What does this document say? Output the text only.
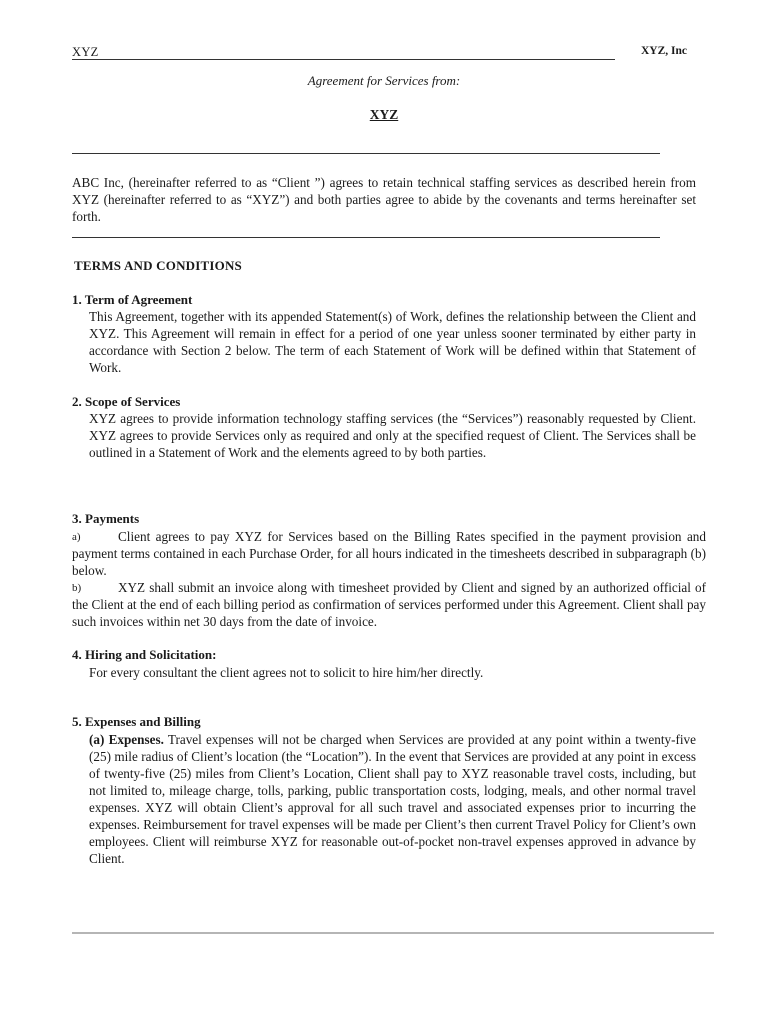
XYZ	XYZ, Inc
Agreement for Services from:
XYZ
ABC Inc, (hereinafter referred to as “Client ”) agrees to retain technical staffing services as described herein from XYZ (hereinafter referred to as “XYZ”) and both parties agree to abide by the covenants and terms hereinafter set forth.
TERMS AND CONDITIONS
1. Term of Agreement
This Agreement, together with its appended Statement(s) of Work, defines the relationship between the Client and XYZ. This Agreement will remain in effect for a period of one year unless sooner terminated by either party in accordance with Section 2 below. The term of each Statement of Work will be defined within that Statement of Work.
2. Scope of Services
XYZ agrees to provide information technology staffing services (the “Services”) reasonably requested by Client. XYZ agrees to provide Services only as required and only at the specified request of Client. The Services shall be outlined in a Statement of Work and the elements agreed to by both parties.
3. Payments
a)	Client agrees to pay XYZ for Services based on the Billing Rates specified in the payment provision and payment terms contained in each Purchase Order, for all hours indicated in the timesheets described in subparagraph (b) below.
b)	XYZ shall submit an invoice along with timesheet provided by Client and signed by an authorized official of the Client at the end of each billing period as confirmation of services performed under this Agreement. Client shall pay such invoices within net 30 days from the date of invoice.
4. Hiring and Solicitation:
For every consultant the client agrees not to solicit to hire him/her directly.
5. Expenses and Billing
(a) Expenses. Travel expenses will not be charged when Services are provided at any point within a twenty-five (25) mile radius of Client’s location (the “Location”). In the event that Services are provided at any point in excess of twenty-five (25) miles from Client’s Location, Client shall pay to XYZ reasonable travel costs, including, but not limited to, mileage charge, tolls, parking, public transportation costs, lodging, meals, and other normal travel expenses. XYZ will obtain Client’s approval for all such travel and associated expenses prior to incurring the expenses. Reimbursement for travel expenses will be made per Client’s then current Travel Policy for Client’s own employees. Client will reimburse XYZ for reasonable out-of-pocket non-travel expenses approved in advance by Client.
